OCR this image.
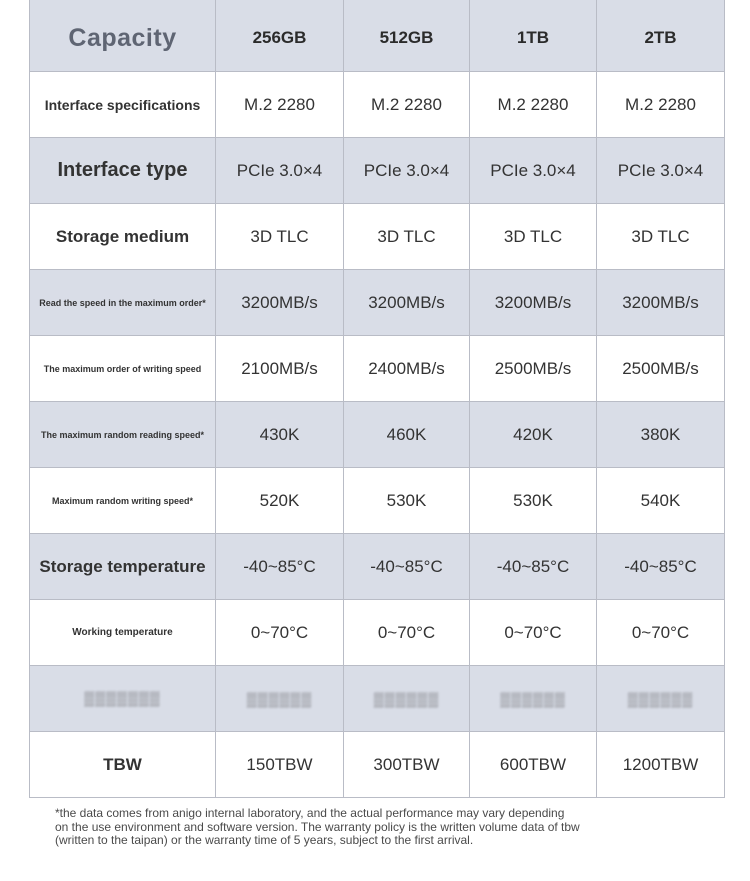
Capacity	256GB	512GB	1TB	2TB
Interface specifications	M.2 2280	M.2 2280	M.2 2280	M.2 2280
Interface type	PCIe 3.0×4	PCIe 3.0×4	PCIe 3.0×4	PCIe 3.0×4
Storage medium	3D TLC	3D TLC	3D TLC	3D TLC
Read the speed in the maximum order*	3200MB/s	3200MB/s	3200MB/s	3200MB/s
The maximum order of writing speed	2100MB/s	2400MB/s	2500MB/s	2500MB/s
The maximum random reading speed*	430K	460K	420K	380K
Maximum random writing speed*	520K	530K	530K	540K
Storage temperature	-40~85°C	-40~85°C	-40~85°C	-40~85°C
Working temperature	0~70°C	0~70°C	0~70°C	0~70°C
▒▒▒▒▒▒▒	▒▒▒▒▒▒	▒▒▒▒▒▒	▒▒▒▒▒▒	▒▒▒▒▒▒
TBW	150TBW	300TBW	600TBW	1200TBW
*the data comes from anigo internal laboratory, and the actual performance may vary depending
on the use environment and software version. The warranty policy is the written volume data of tbw
(written to the taipan) or the warranty time of 5 years, subject to the first arrival.
